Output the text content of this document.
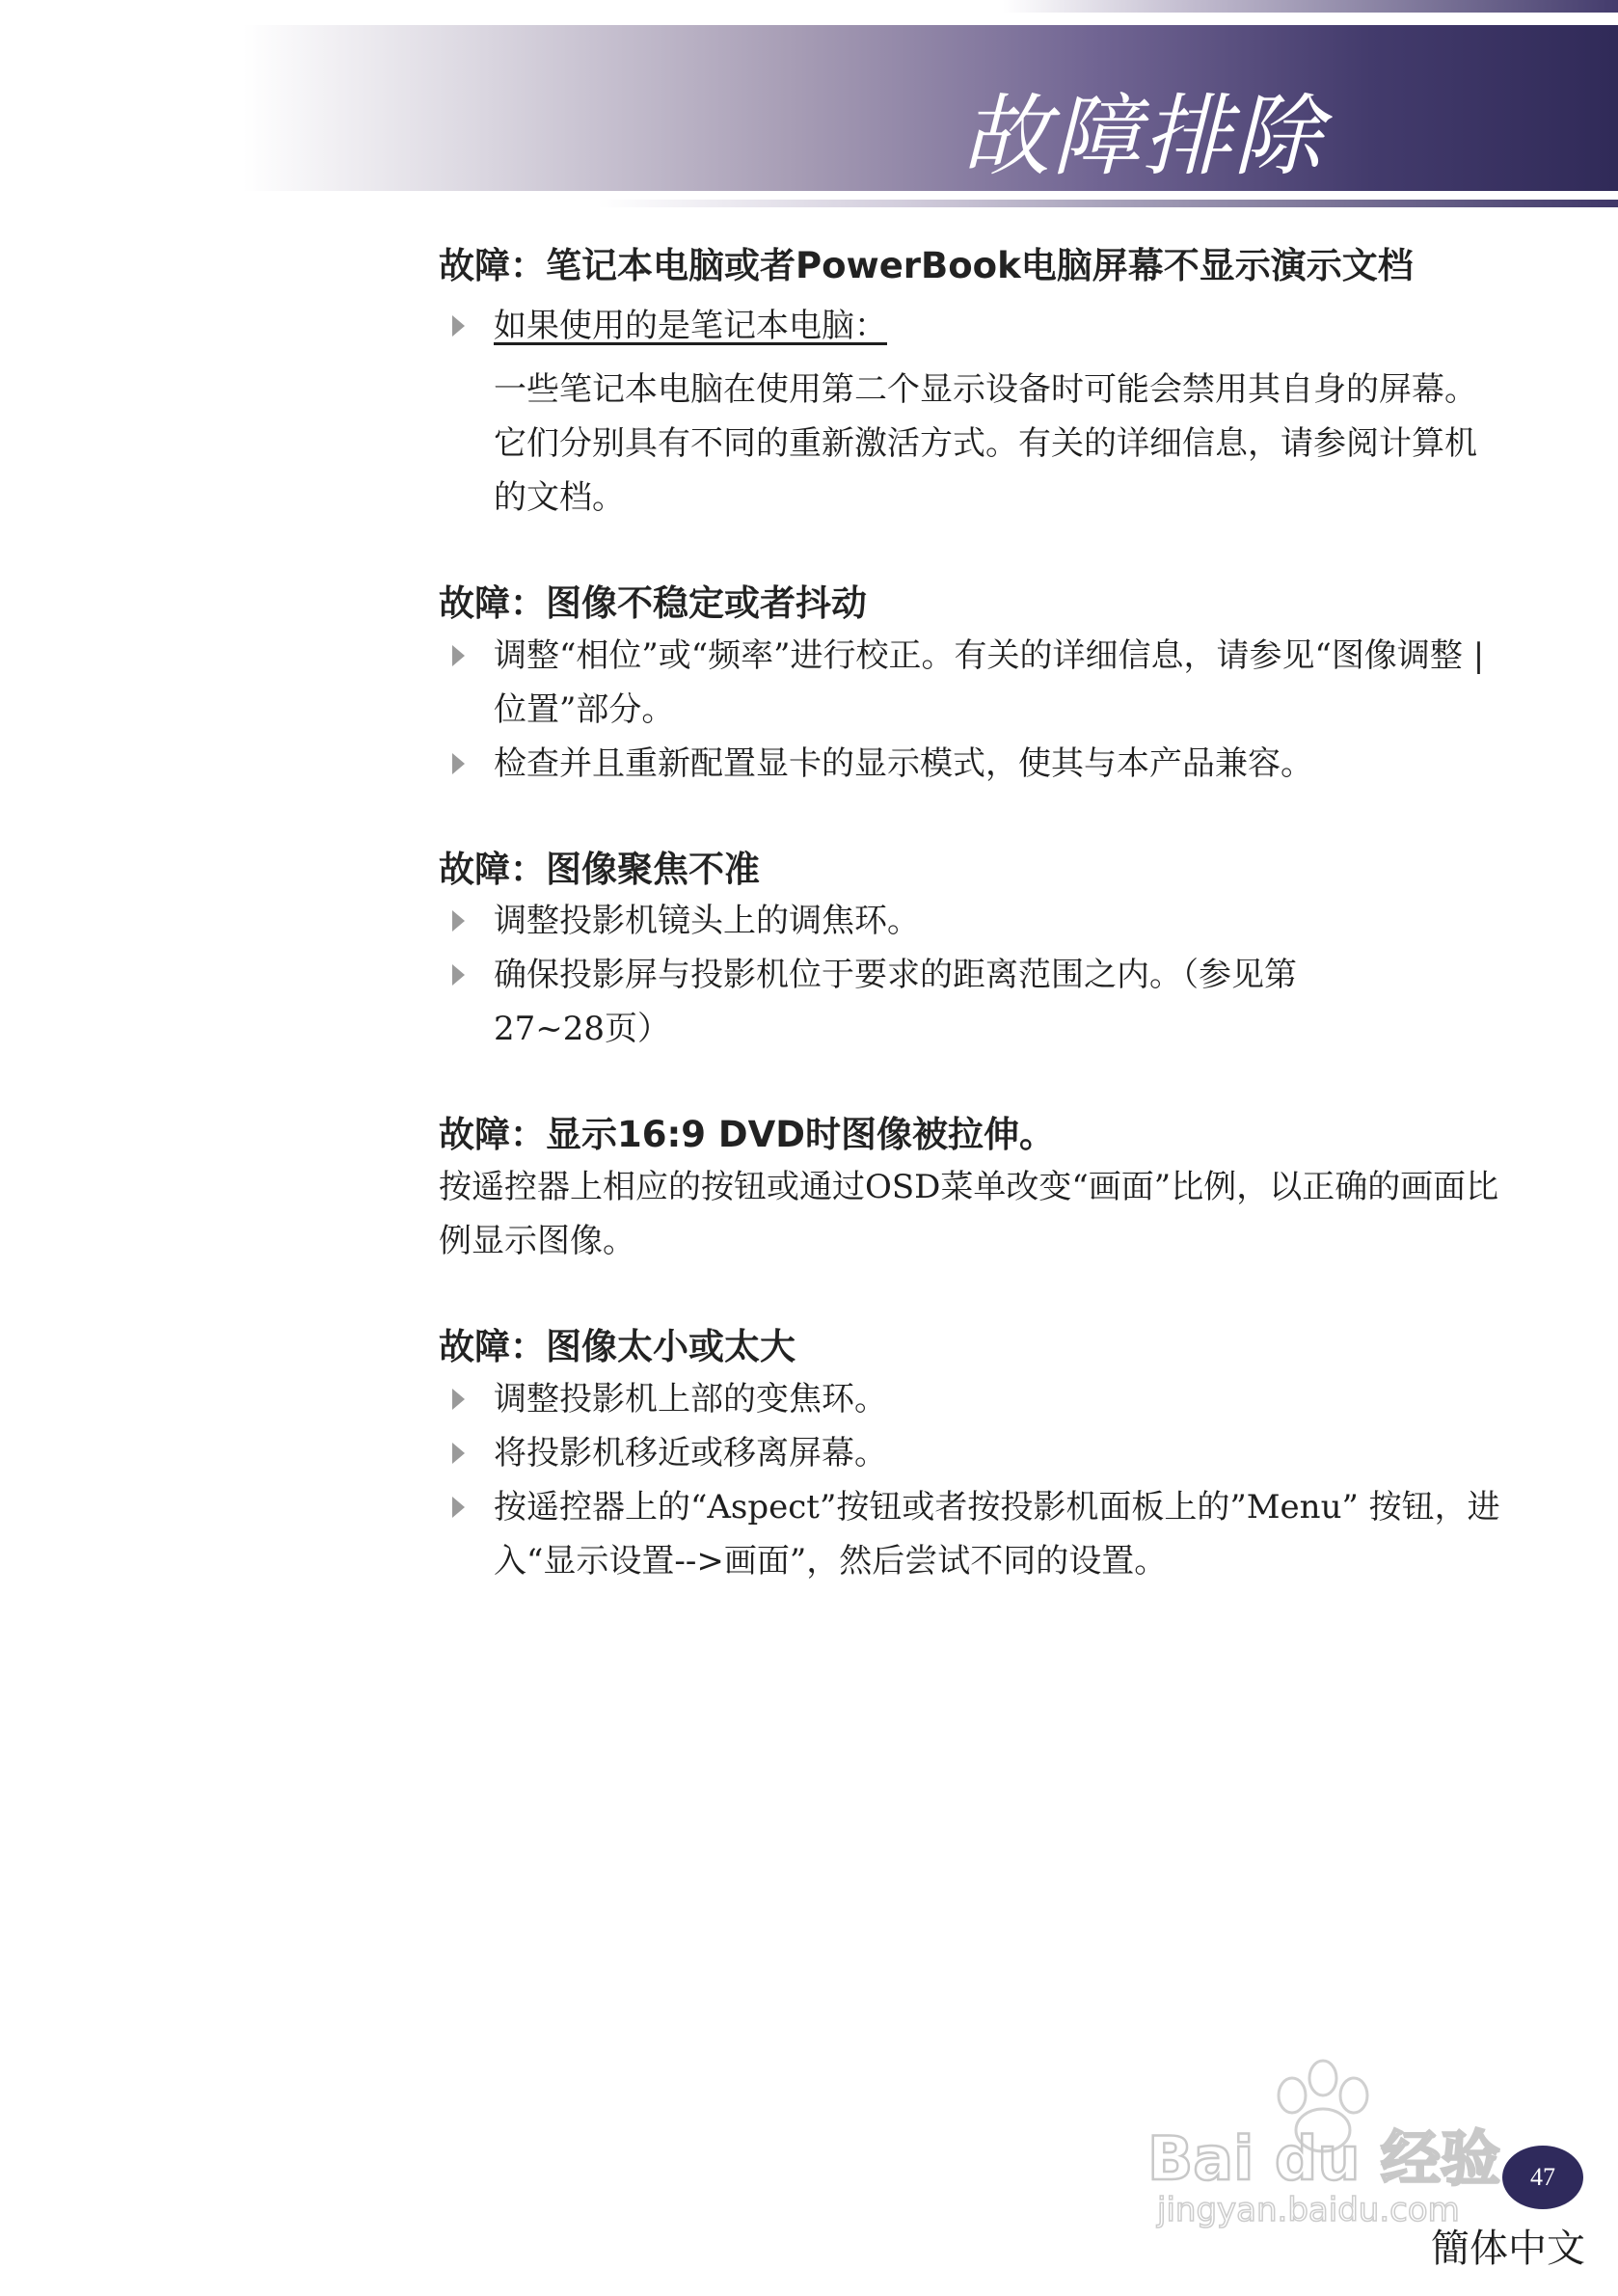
故障排除
故障：笔记本电脑或者PowerBook电脑屏幕不显示演示文档
如果使用的是笔记本电脑：

一些笔记本电脑在使用第二个显示设备时可能会禁用其自身的屏幕。它们分别具有不同的重新激活方式。有关的详细信息，请参阅计算机的文档。

故障：图像不稳定或者抖动
调整“相位”或“频率”进行校正。有关的详细信息，请参见“图像调整 | 位置”部分。
检查并且重新配置显卡的显示模式，使其与本产品兼容。
故障：图像聚焦不准
调整投影机镜头上的调焦环。
确保投影屏与投影机位于要求的距离范围之内。（参见第 27~28页）
故障：显示16:9 DVD时图像被拉伸。

按遥控器上相应的按钮或通过OSD菜单改变“画面”比例，以正确的画面比例显示图像。

故障：图像太小或太大
调整投影机上部的变焦环。
将投影机移近或移离屏幕。
按遥控器上的“Aspect”按钮或者按投影机面板上的”Menu” 按钮，进入“显示设置-->画面”，然后尝试不同的设置。
Bai du 经验
jingyan.baidu.com
47
簡体中文
